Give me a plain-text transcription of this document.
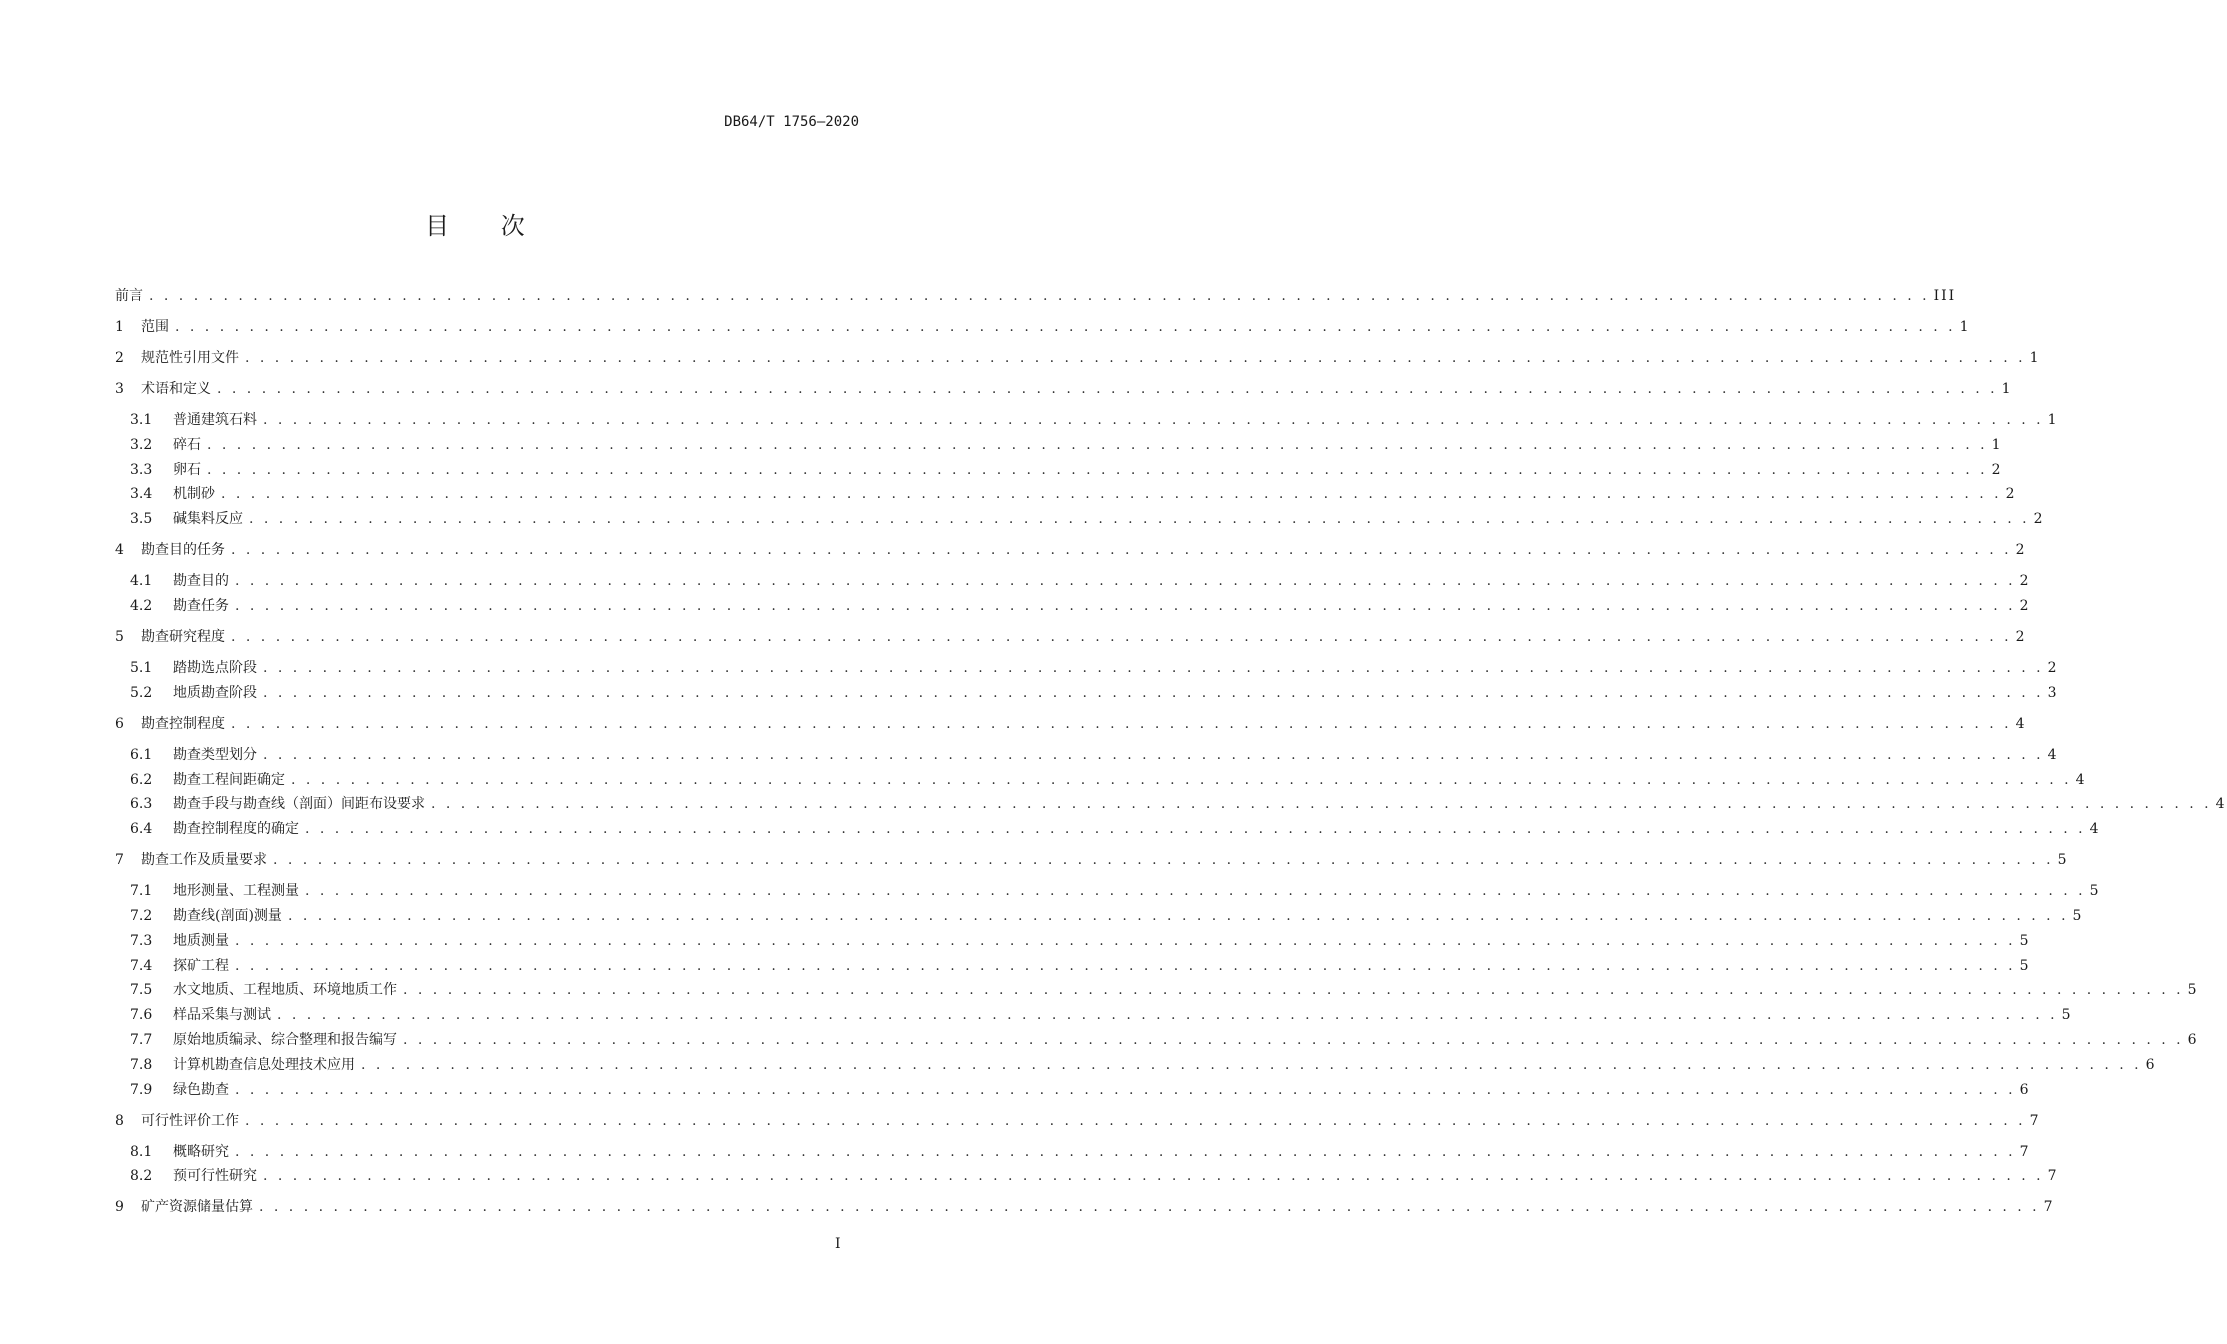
DB64/T 1756—2020
目 次
前言 . . . . . . . . . . . . . . . . . . . . . . . . . . . . . . . . . . . . . . . . . . . . . . . . . . . . . . . . . . . . . . . . . . . . . . . . . . . . . . . . . . . . . . . . . . . . . . . . . . . . . . . . . . . . . . . . . . . . . . . . III
1	范围 . . . . . . . . . . . . . . . . . . . . . . . . . . . . . . . . . . . . . . . . . . . . . . . . . . . . . . . . . . . . . . . . . . . . . . . . . . . . . . . . . . . . . . . . . . . . . . . . . . . . . . . . . . . . . . . . . . . . . . . . 1
2	规范性引用文件 . . . . . . . . . . . . . . . . . . . . . . . . . . . . . . . . . . . . . . . . . . . . . . . . . . . . . . . . . . . . . . . . . . . . . . . . . . . . . . . . . . . . . . . . . . . . . . . . . . . . . . . . . . . . . . . . . . . . . . . . 1
3	术语和定义 . . . . . . . . . . . . . . . . . . . . . . . . . . . . . . . . . . . . . . . . . . . . . . . . . . . . . . . . . . . . . . . . . . . . . . . . . . . . . . . . . . . . . . . . . . . . . . . . . . . . . . . . . . . . . . . . . . . . . . . . 1
3.1	普通建筑石料 . . . . . . . . . . . . . . . . . . . . . . . . . . . . . . . . . . . . . . . . . . . . . . . . . . . . . . . . . . . . . . . . . . . . . . . . . . . . . . . . . . . . . . . . . . . . . . . . . . . . . . . . . . . . . . . . . . . . . . . . 1
3.2	碎石 . . . . . . . . . . . . . . . . . . . . . . . . . . . . . . . . . . . . . . . . . . . . . . . . . . . . . . . . . . . . . . . . . . . . . . . . . . . . . . . . . . . . . . . . . . . . . . . . . . . . . . . . . . . . . . . . . . . . . . . . 1
3.3	卵石 . . . . . . . . . . . . . . . . . . . . . . . . . . . . . . . . . . . . . . . . . . . . . . . . . . . . . . . . . . . . . . . . . . . . . . . . . . . . . . . . . . . . . . . . . . . . . . . . . . . . . . . . . . . . . . . . . . . . . . . . 2
3.4	机制砂 . . . . . . . . . . . . . . . . . . . . . . . . . . . . . . . . . . . . . . . . . . . . . . . . . . . . . . . . . . . . . . . . . . . . . . . . . . . . . . . . . . . . . . . . . . . . . . . . . . . . . . . . . . . . . . . . . . . . . . . . 2
3.5	碱集料反应 . . . . . . . . . . . . . . . . . . . . . . . . . . . . . . . . . . . . . . . . . . . . . . . . . . . . . . . . . . . . . . . . . . . . . . . . . . . . . . . . . . . . . . . . . . . . . . . . . . . . . . . . . . . . . . . . . . . . . . . . 2
4	勘查目的任务 . . . . . . . . . . . . . . . . . . . . . . . . . . . . . . . . . . . . . . . . . . . . . . . . . . . . . . . . . . . . . . . . . . . . . . . . . . . . . . . . . . . . . . . . . . . . . . . . . . . . . . . . . . . . . . . . . . . . . . . . 2
4.1	勘查目的 . . . . . . . . . . . . . . . . . . . . . . . . . . . . . . . . . . . . . . . . . . . . . . . . . . . . . . . . . . . . . . . . . . . . . . . . . . . . . . . . . . . . . . . . . . . . . . . . . . . . . . . . . . . . . . . . . . . . . . . . 2
4.2	勘查任务 . . . . . . . . . . . . . . . . . . . . . . . . . . . . . . . . . . . . . . . . . . . . . . . . . . . . . . . . . . . . . . . . . . . . . . . . . . . . . . . . . . . . . . . . . . . . . . . . . . . . . . . . . . . . . . . . . . . . . . . . 2
5	勘查研究程度 . . . . . . . . . . . . . . . . . . . . . . . . . . . . . . . . . . . . . . . . . . . . . . . . . . . . . . . . . . . . . . . . . . . . . . . . . . . . . . . . . . . . . . . . . . . . . . . . . . . . . . . . . . . . . . . . . . . . . . . . 2
5.1	踏勘选点阶段 . . . . . . . . . . . . . . . . . . . . . . . . . . . . . . . . . . . . . . . . . . . . . . . . . . . . . . . . . . . . . . . . . . . . . . . . . . . . . . . . . . . . . . . . . . . . . . . . . . . . . . . . . . . . . . . . . . . . . . . . 2
5.2	地质勘查阶段 . . . . . . . . . . . . . . . . . . . . . . . . . . . . . . . . . . . . . . . . . . . . . . . . . . . . . . . . . . . . . . . . . . . . . . . . . . . . . . . . . . . . . . . . . . . . . . . . . . . . . . . . . . . . . . . . . . . . . . . . 3
6	勘查控制程度 . . . . . . . . . . . . . . . . . . . . . . . . . . . . . . . . . . . . . . . . . . . . . . . . . . . . . . . . . . . . . . . . . . . . . . . . . . . . . . . . . . . . . . . . . . . . . . . . . . . . . . . . . . . . . . . . . . . . . . . . 4
6.1	勘查类型划分 . . . . . . . . . . . . . . . . . . . . . . . . . . . . . . . . . . . . . . . . . . . . . . . . . . . . . . . . . . . . . . . . . . . . . . . . . . . . . . . . . . . . . . . . . . . . . . . . . . . . . . . . . . . . . . . . . . . . . . . . 4
6.2	勘查工程间距确定 . . . . . . . . . . . . . . . . . . . . . . . . . . . . . . . . . . . . . . . . . . . . . . . . . . . . . . . . . . . . . . . . . . . . . . . . . . . . . . . . . . . . . . . . . . . . . . . . . . . . . . . . . . . . . . . . . . . . . . . . 4
6.3	勘查手段与勘查线（剖面）间距布设要求 . . . . . . . . . . . . . . . . . . . . . . . . . . . . . . . . . . . . . . . . . . . . . . . . . . . . . . . . . . . . . . . . . . . . . . . . . . . . . . . . . . . . . . . . . . . . . . . . . . . . . . . . . . . . . . . . . . . . . . . . 4
6.4	勘查控制程度的确定 . . . . . . . . . . . . . . . . . . . . . . . . . . . . . . . . . . . . . . . . . . . . . . . . . . . . . . . . . . . . . . . . . . . . . . . . . . . . . . . . . . . . . . . . . . . . . . . . . . . . . . . . . . . . . . . . . . . . . . . . 4
7	勘查工作及质量要求 . . . . . . . . . . . . . . . . . . . . . . . . . . . . . . . . . . . . . . . . . . . . . . . . . . . . . . . . . . . . . . . . . . . . . . . . . . . . . . . . . . . . . . . . . . . . . . . . . . . . . . . . . . . . . . . . . . . . . . . . 5
7.1	地形测量、工程测量 . . . . . . . . . . . . . . . . . . . . . . . . . . . . . . . . . . . . . . . . . . . . . . . . . . . . . . . . . . . . . . . . . . . . . . . . . . . . . . . . . . . . . . . . . . . . . . . . . . . . . . . . . . . . . . . . . . . . . . . . 5
7.2	勘查线(剖面)测量 . . . . . . . . . . . . . . . . . . . . . . . . . . . . . . . . . . . . . . . . . . . . . . . . . . . . . . . . . . . . . . . . . . . . . . . . . . . . . . . . . . . . . . . . . . . . . . . . . . . . . . . . . . . . . . . . . . . . . . . . 5
7.3	地质测量 . . . . . . . . . . . . . . . . . . . . . . . . . . . . . . . . . . . . . . . . . . . . . . . . . . . . . . . . . . . . . . . . . . . . . . . . . . . . . . . . . . . . . . . . . . . . . . . . . . . . . . . . . . . . . . . . . . . . . . . . 5
7.4	探矿工程 . . . . . . . . . . . . . . . . . . . . . . . . . . . . . . . . . . . . . . . . . . . . . . . . . . . . . . . . . . . . . . . . . . . . . . . . . . . . . . . . . . . . . . . . . . . . . . . . . . . . . . . . . . . . . . . . . . . . . . . . 5
7.5	水文地质、工程地质、环境地质工作 . . . . . . . . . . . . . . . . . . . . . . . . . . . . . . . . . . . . . . . . . . . . . . . . . . . . . . . . . . . . . . . . . . . . . . . . . . . . . . . . . . . . . . . . . . . . . . . . . . . . . . . . . . . . . . . . . . . . . . . . 5
7.6	样品采集与测试 . . . . . . . . . . . . . . . . . . . . . . . . . . . . . . . . . . . . . . . . . . . . . . . . . . . . . . . . . . . . . . . . . . . . . . . . . . . . . . . . . . . . . . . . . . . . . . . . . . . . . . . . . . . . . . . . . . . . . . . . 5
7.7	原始地质编录、综合整理和报告编写 . . . . . . . . . . . . . . . . . . . . . . . . . . . . . . . . . . . . . . . . . . . . . . . . . . . . . . . . . . . . . . . . . . . . . . . . . . . . . . . . . . . . . . . . . . . . . . . . . . . . . . . . . . . . . . . . . . . . . . . . 6
7.8	计算机勘查信息处理技术应用 . . . . . . . . . . . . . . . . . . . . . . . . . . . . . . . . . . . . . . . . . . . . . . . . . . . . . . . . . . . . . . . . . . . . . . . . . . . . . . . . . . . . . . . . . . . . . . . . . . . . . . . . . . . . . . . . . . . . . . . . 6
7.9	绿色勘查 . . . . . . . . . . . . . . . . . . . . . . . . . . . . . . . . . . . . . . . . . . . . . . . . . . . . . . . . . . . . . . . . . . . . . . . . . . . . . . . . . . . . . . . . . . . . . . . . . . . . . . . . . . . . . . . . . . . . . . . . 6
8	可行性评价工作 . . . . . . . . . . . . . . . . . . . . . . . . . . . . . . . . . . . . . . . . . . . . . . . . . . . . . . . . . . . . . . . . . . . . . . . . . . . . . . . . . . . . . . . . . . . . . . . . . . . . . . . . . . . . . . . . . . . . . . . . 7
8.1	概略研究 . . . . . . . . . . . . . . . . . . . . . . . . . . . . . . . . . . . . . . . . . . . . . . . . . . . . . . . . . . . . . . . . . . . . . . . . . . . . . . . . . . . . . . . . . . . . . . . . . . . . . . . . . . . . . . . . . . . . . . . . 7
8.2	预可行性研究 . . . . . . . . . . . . . . . . . . . . . . . . . . . . . . . . . . . . . . . . . . . . . . . . . . . . . . . . . . . . . . . . . . . . . . . . . . . . . . . . . . . . . . . . . . . . . . . . . . . . . . . . . . . . . . . . . . . . . . . . 7
9	矿产资源储量估算 . . . . . . . . . . . . . . . . . . . . . . . . . . . . . . . . . . . . . . . . . . . . . . . . . . . . . . . . . . . . . . . . . . . . . . . . . . . . . . . . . . . . . . . . . . . . . . . . . . . . . . . . . . . . . . . . . . . . . . . . 7
I
